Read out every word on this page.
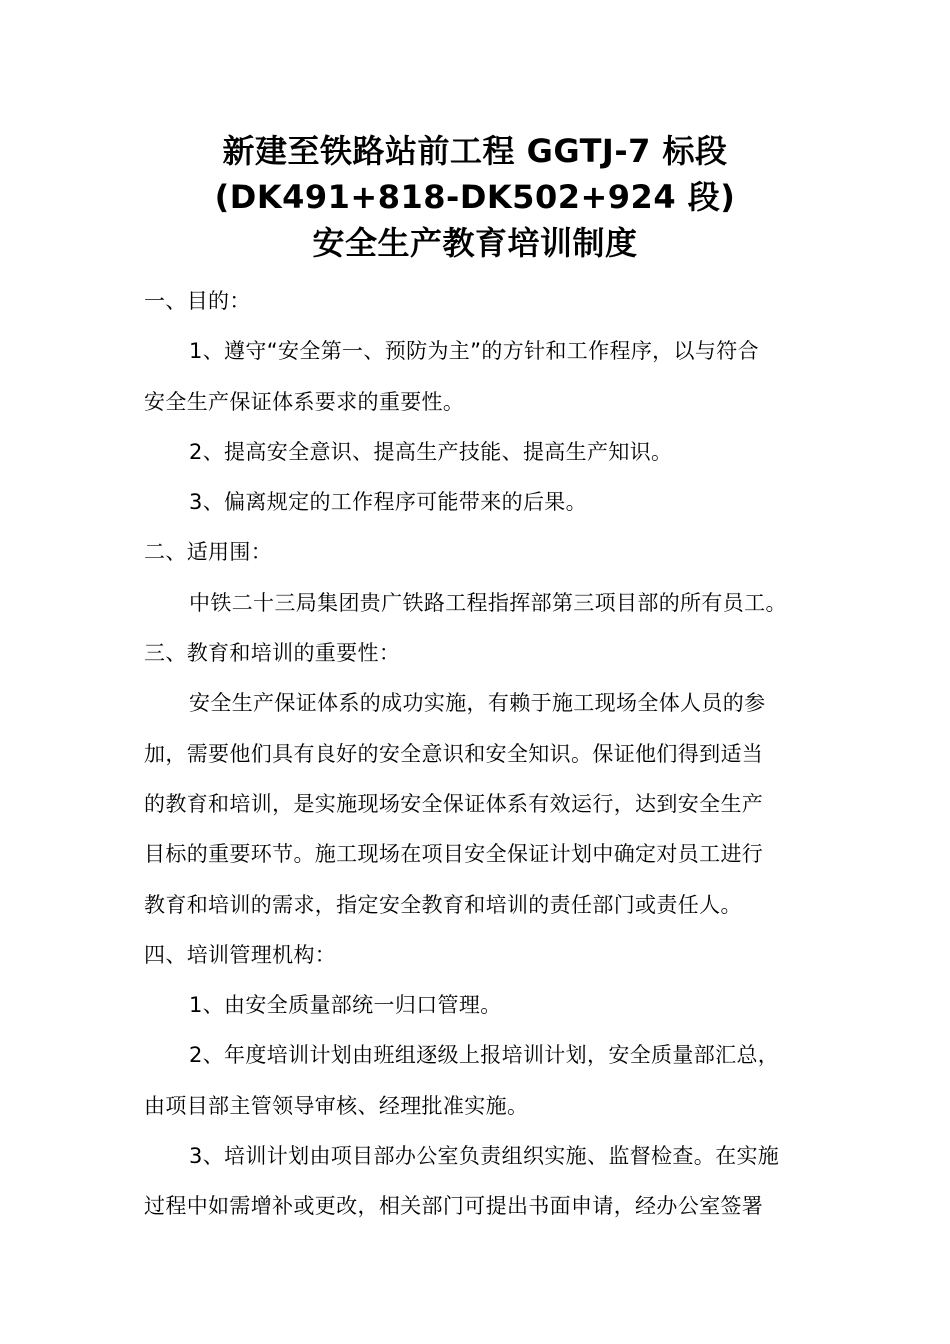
新建至铁路站前工程 GGTJ-7 标段
(DK491+818-DK502+924 段)
安全生产教育培训制度
一、目的：
1、遵守“安全第一、预防为主”的方针和工作程序，以与符合
安全生产保证体系要求的重要性。
2、提高安全意识、提高生产技能、提高生产知识。
3、偏离规定的工作程序可能带来的后果。
二、适用围：
中铁二十三局集团贵广铁路工程指挥部第三项目部的所有员工。
三、教育和培训的重要性：
安全生产保证体系的成功实施，有赖于施工现场全体人员的参
加，需要他们具有良好的安全意识和安全知识。保证他们得到适当
的教育和培训，是实施现场安全保证体系有效运行，达到安全生产
目标的重要环节。施工现场在项目安全保证计划中确定对员工进行
教育和培训的需求，指定安全教育和培训的责任部门或责任人。
四、培训管理机构：
1、由安全质量部统一归口管理。
2、年度培训计划由班组逐级上报培训计划，安全质量部汇总，
由项目部主管领导审核、经理批准实施。
3、培训计划由项目部办公室负责组织实施、监督检查。在实施
过程中如需增补或更改，相关部门可提出书面申请，经办公室签署
